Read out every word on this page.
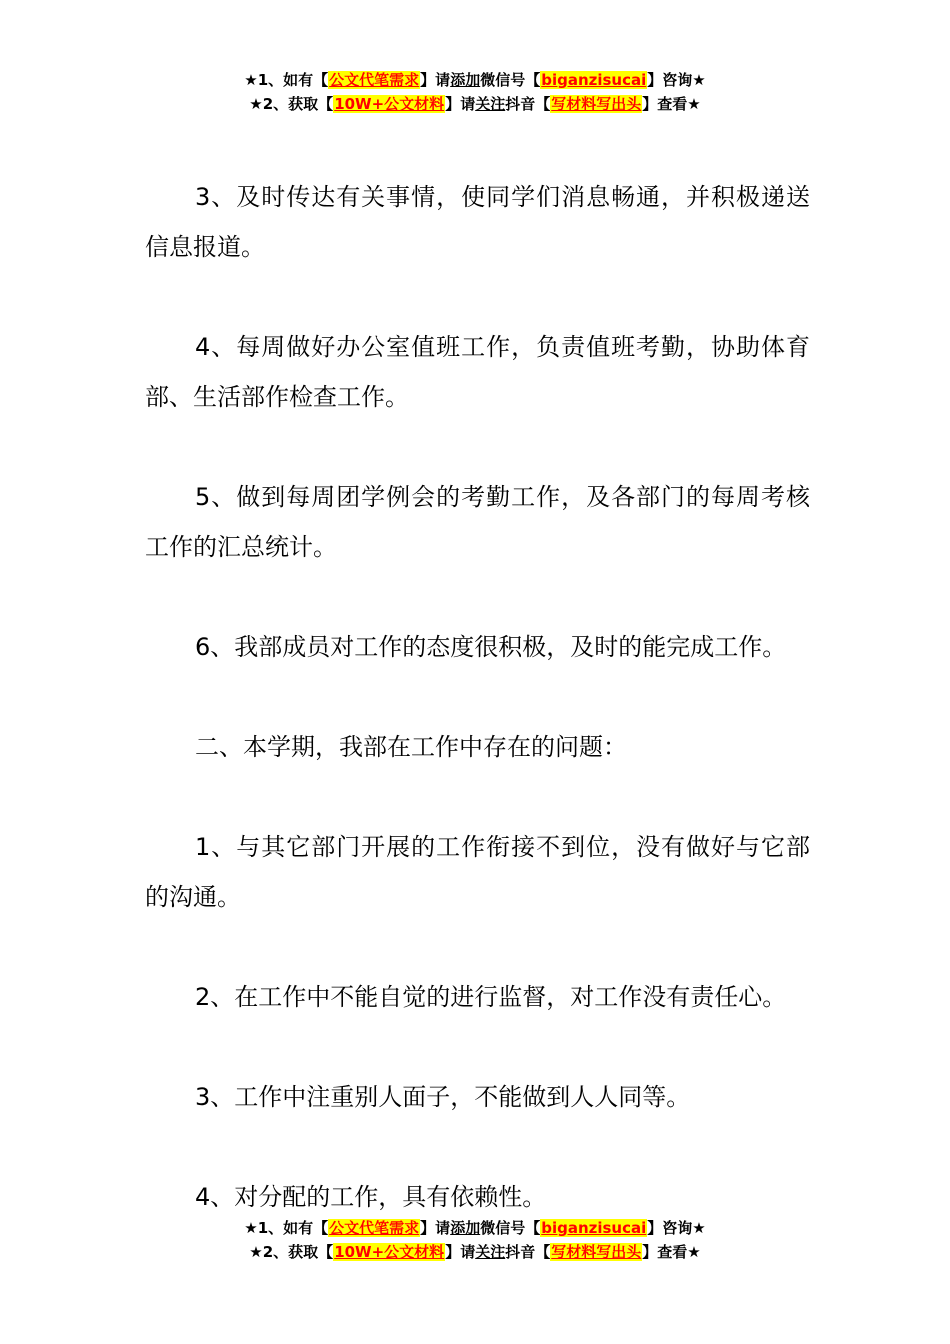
★1、如有【公文代笔需求】请添加微信号【biganzisucai】咨询★
★2、获取【10W+公文材料】请关注抖音【写材料写出头】查看★

3、及时传达有关事情，使同学们消息畅通，并积极递送信息报道。

4、每周做好办公室值班工作，负责值班考勤，协助体育部、生活部作检查工作。

5、做到每周团学例会的考勤工作，及各部门的每周考核工作的汇总统计。

6、我部成员对工作的态度很积极，及时的能完成工作。

二、本学期，我部在工作中存在的问题：

1、与其它部门开展的工作衔接不到位，没有做好与它部的沟通。

2、在工作中不能自觉的进行监督，对工作没有责任心。

3、工作中注重别人面子，不能做到人人同等。

4、对分配的工作，具有依赖性。

★1、如有【公文代笔需求】请添加微信号【biganzisucai】咨询★
★2、获取【10W+公文材料】请关注抖音【写材料写出头】查看★
